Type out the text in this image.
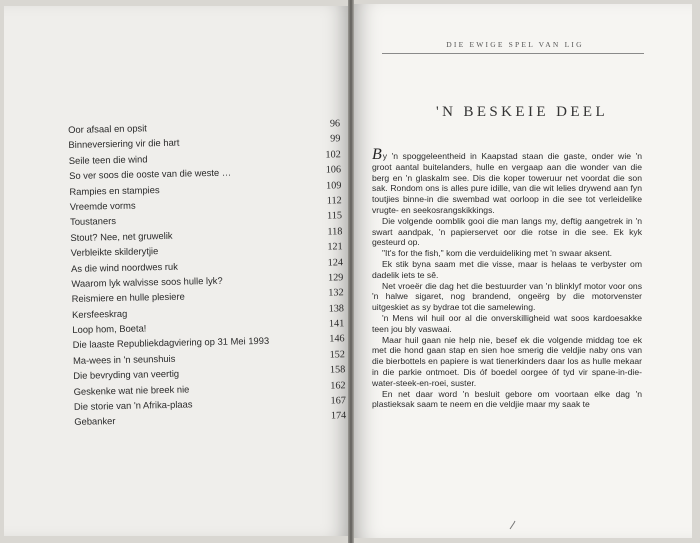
Oor afsaal en opsit	96
Binneversiering vir die hart	99
Seile teen die wind	102
So ver soos die ooste van die weste …	106
Rampies en stampies	109
Vreemde vorms	112
Toustaners	115
Stout? Nee, net gruwelik	118
Verbleikte skilderytjie	121
As die wind noordwes ruk	124
Waarom lyk walvisse soos hulle lyk?	129
Reismiere en hulle plesiere	132
Kersfeeskrag	138
Loop hom, Boeta!	141
Die laaste Republiekdagviering op 31 Mei 1993	146
Ma-wees in 'n seunshuis	152
Die bevryding van veertig	158
Geskenke wat nie breek nie	162
Die storie van 'n Afrika-plaas	167
Gebanker	174
DIE EWIGE SPEL VAN LIG
'N BESKEIE DEEL

By 'n spoggeleentheid in Kaapstad staan die gaste, onder wie 'n groot aantal buitelanders, hulle en vergaap aan die wonder van die berg en 'n glaskalm see. Dis die koper toweruur net voordat die son sak. Rondom ons is alles pure idille, van die wit lelies drywend aan fyn toutjies binne-in die swembad wat oorloop in die see tot verleidelike vrugte- en seekosrangskikkings.

Die volgende oomblik gooi die man langs my, deftig aangetrek in 'n swart aandpak, 'n papierservet oor die rotse in die see. Ek kyk gesteurd op.

"It's for the fish," kom die verduideliking met 'n swaar aksent.

Ek stik byna saam met die visse, maar is helaas te verbyster om dadelik iets te sê.

Net vroeër die dag het die bestuurder van 'n blinklyf motor voor ons 'n halwe sigaret, nog brandend, ongeërg by die motorvenster uitgeskiet as sy bydrae tot die samelewing.

'n Mens wil huil oor al die onverskilligheid wat soos kardoesakke teen jou bly vaswaai.

Maar huil gaan nie help nie, besef ek die volgende middag toe ek met die hond gaan stap en sien hoe smerig die veldjie naby ons van die bierbottels en papiere is wat tienerkinders daar los as hulle mekaar in die parkie ontmoet. Dis óf boedel oorgee óf tyd vir spane-in-die-water-steek-en-roei, suster.

En net daar word 'n besluit gebore om voortaan elke dag 'n plastieksak saam te neem en die veldjie maar my saak te
